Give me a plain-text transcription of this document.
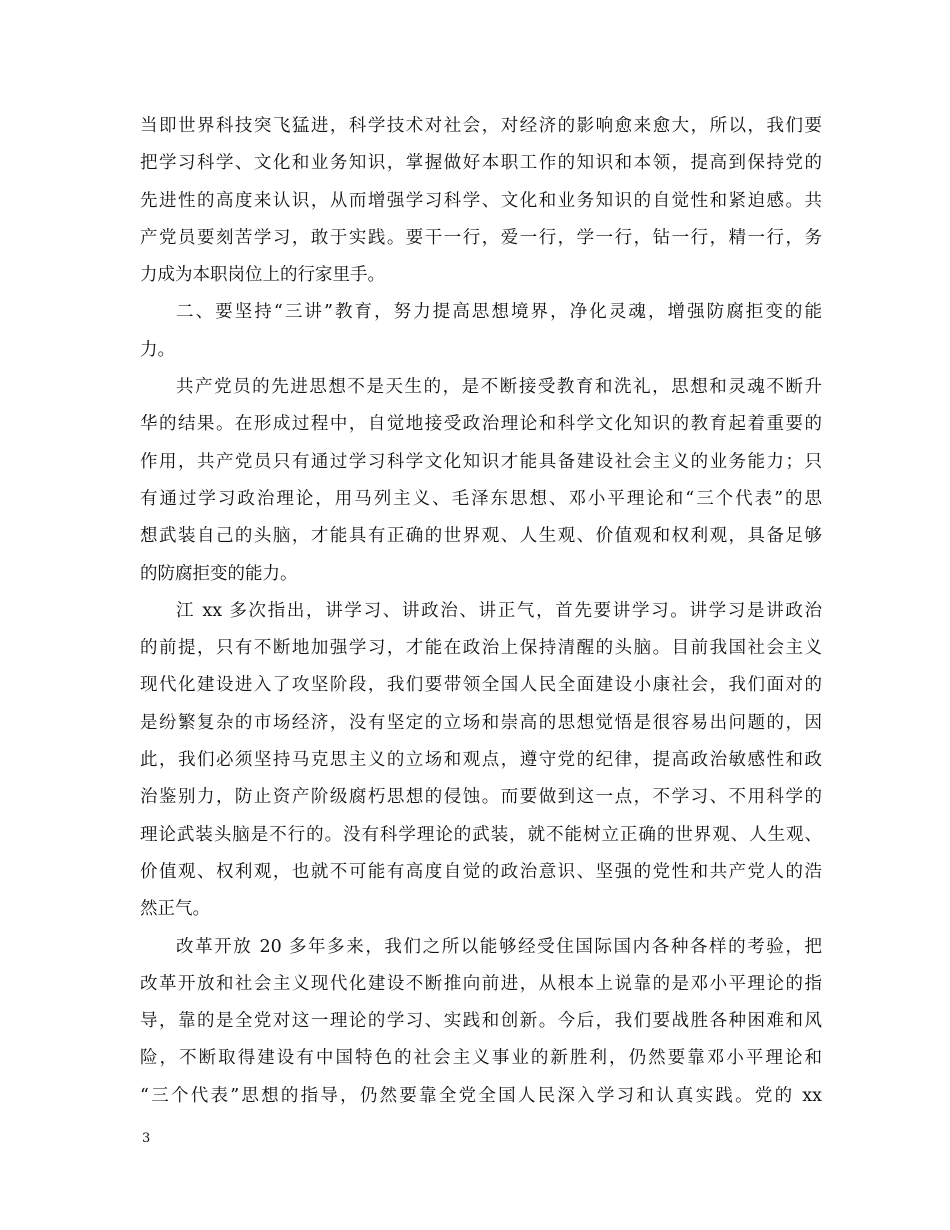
当即世界科技突飞猛进，科学技术对社会，对经济的影响愈来愈大，所以，我们要
把学习科学、文化和业务知识，掌握做好本职工作的知识和本领，提高到保持党的
先进性的高度来认识，从而增强学习科学、文化和业务知识的自觉性和紧迫感。共
产党员要刻苦学习，敢于实践。要干一行，爱一行，学一行，钻一行，精一行，务
力成为本职岗位上的行家里手。
二、要坚持“三讲”教育，努力提高思想境界，净化灵魂，增强防腐拒变的能
力。
共产党员的先进思想不是天生的，是不断接受教育和洗礼，思想和灵魂不断升
华的结果。在形成过程中，自觉地接受政治理论和科学文化知识的教育起着重要的
作用，共产党员只有通过学习科学文化知识才能具备建设社会主义的业务能力；只
有通过学习政治理论，用马列主义、毛泽东思想、邓小平理论和“三个代表”的思
想武装自己的头脑，才能具有正确的世界观、人生观、价值观和权利观，具备足够
的防腐拒变的能力。
江 xx 多次指出，讲学习、讲政治、讲正气，首先要讲学习。讲学习是讲政治
的前提，只有不断地加强学习，才能在政治上保持清醒的头脑。目前我国社会主义
现代化建设进入了攻坚阶段，我们要带领全国人民全面建设小康社会，我们面对的
是纷繁复杂的市场经济，没有坚定的立场和崇高的思想觉悟是很容易出问题的，因
此，我们必须坚持马克思主义的立场和观点，遵守党的纪律，提高政治敏感性和政
治鉴别力，防止资产阶级腐朽思想的侵蚀。而要做到这一点，不学习、不用科学的
理论武装头脑是不行的。没有科学理论的武装，就不能树立正确的世界观、人生观、
价值观、权利观，也就不可能有高度自觉的政治意识、坚强的党性和共产党人的浩
然正气。
改革开放 20 多年多来，我们之所以能够经受住国际国内各种各样的考验，把
改革开放和社会主义现代化建设不断推向前进，从根本上说靠的是邓小平理论的指
导，靠的是全党对这一理论的学习、实践和创新。今后，我们要战胜各种困难和风
险，不断取得建设有中国特色的社会主义事业的新胜利，仍然要靠邓小平理论和
“三个代表”思想的指导，仍然要靠全党全国人民深入学习和认真实践。党的 xx
3
